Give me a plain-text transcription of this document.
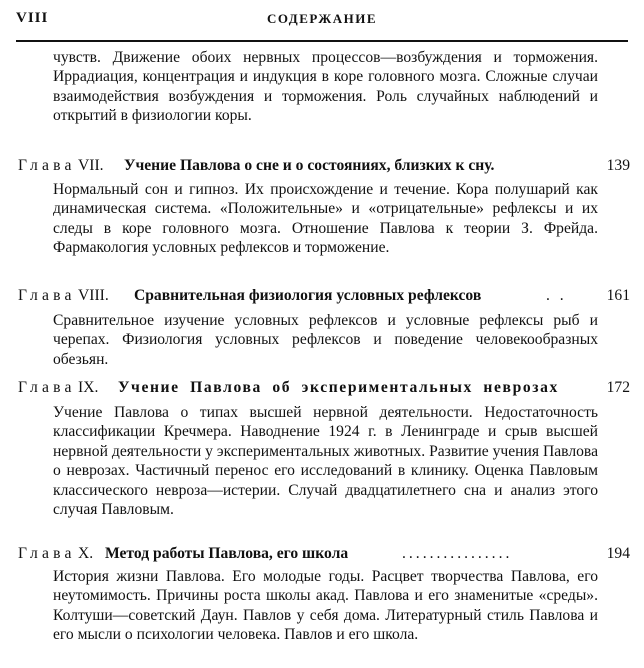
VIII	СОДЕРЖАНИЕ

чувств. Движение обоих нервных процессов—возбуждения и торможения. Иррадиация, концентрация и индукция в коре головного мозга. Сложные случаи взаимодействия возбуждения и торможения. Роль случайных наблюдений и открытий в физиологии коры.

Глава VII. Учение Павлова о сне и о состояниях, близких к сну.	139

Нормальный сон и гипноз. Их происхождение и течение. Кора полушарий как динамическая система. «Положительные» и «отрицательные» рефлексы и их следы в коре головного мозга. Отношение Павлова к теории З. Фрейда. Фармакология условных рефлексов и торможение.

Глава VIII. Сравнительная физиология условных рефлексов	. .	161

Сравнительное изучение условных рефлексов и условные рефлексы рыб и черепах. Физиология условных рефлексов и поведение человекообразных обезьян.

Глава IX. Учение Павлова об экспериментальных неврозах	172

Учение Павлова о типах высшей нервной деятельности. Недостаточность классификации Кречмера. Наводнение 1924 г. в Ленинграде и срыв высшей нервной деятельности у экспериментальных животных. Развитие учения Павлова о неврозах. Частичный перенос его исследований в клинику. Оценка Павловым классического невроза—истерии. Случай двадцатилетнего сна и анализ этого случая Павловым.

Глава X. Метод работы Павлова, его школа	................	194

История жизни Павлова. Его молодые годы. Расцвет творчества Павлова, его неутомимость. Причины роста школы акад. Павлова и его знаменитые «среды». Колтуши—советский Даун. Павлов у себя дома. Литературный стиль Павлова и его мысли о психологии человека. Павлов и его школа.
